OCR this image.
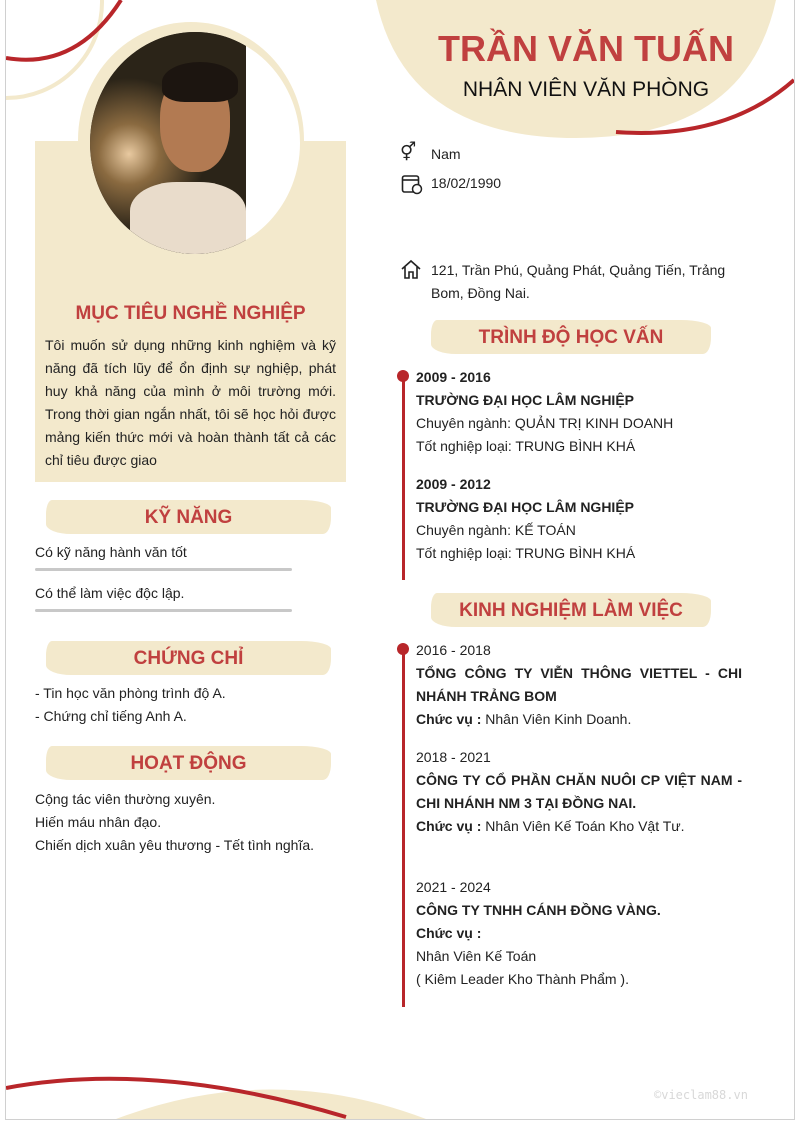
MỤC TIÊU NGHỀ NGHIỆP
Tôi muốn sử dụng những kinh nghiệm và kỹ năng đã tích lũy để ổn định sự nghiệp, phát huy khả năng của mình ở môi trường mới. Trong thời gian ngắn nhất, tôi sẽ học hỏi được mảng kiến thức mới và hoàn thành tất cả các chỉ tiêu được giao
KỸ NĂNG
Có kỹ năng hành văn tốt
Có thể làm việc độc lập.
CHỨNG CHỈ
- Tin học văn phòng trình độ A.
- Chứng chỉ tiếng Anh A.
HOẠT ĐỘNG
Cộng tác viên thường xuyên.
Hiến máu nhân đạo.
Chiến dịch xuân yêu thương - Tết tình nghĩa.
TRẦN VĂN TUẤN
NHÂN VIÊN VĂN PHÒNG
⚥ Nam
18/02/1990
121, Trần Phú, Quảng Phát, Quảng Tiến, Trảng Bom, Đồng Nai.
TRÌNH ĐỘ HỌC VẤN
2009 - 2016
TRƯỜNG ĐẠI HỌC LÂM NGHIỆP
Chuyên ngành: QUẢN TRỊ KINH DOANH
Tốt nghiệp loại: TRUNG BÌNH KHÁ
2009 - 2012
TRƯỜNG ĐẠI HỌC LÂM NGHIỆP
Chuyên ngành: KẾ TOÁN
Tốt nghiệp loại: TRUNG BÌNH KHÁ
KINH NGHIỆM LÀM VIỆC
2016 - 2018
TỔNG CÔNG TY VIỄN THÔNG VIETTEL - CHI NHÁNH TRẢNG BOM
Chức vụ : Nhân Viên Kinh Doanh.
2018 - 2021
CÔNG TY CỔ PHẦN CHĂN NUÔI CP VIỆT NAM - CHI NHÁNH NM 3 TẠI ĐỒNG NAI.
Chức vụ : Nhân Viên Kế Toán Kho Vật Tư.
2021 - 2024
CÔNG TY TNHH CÁNH ĐỒNG VÀNG.
Chức vụ :
Nhân Viên Kế Toán
( Kiêm Leader Kho Thành Phẩm ).
©vieclam88.vn
